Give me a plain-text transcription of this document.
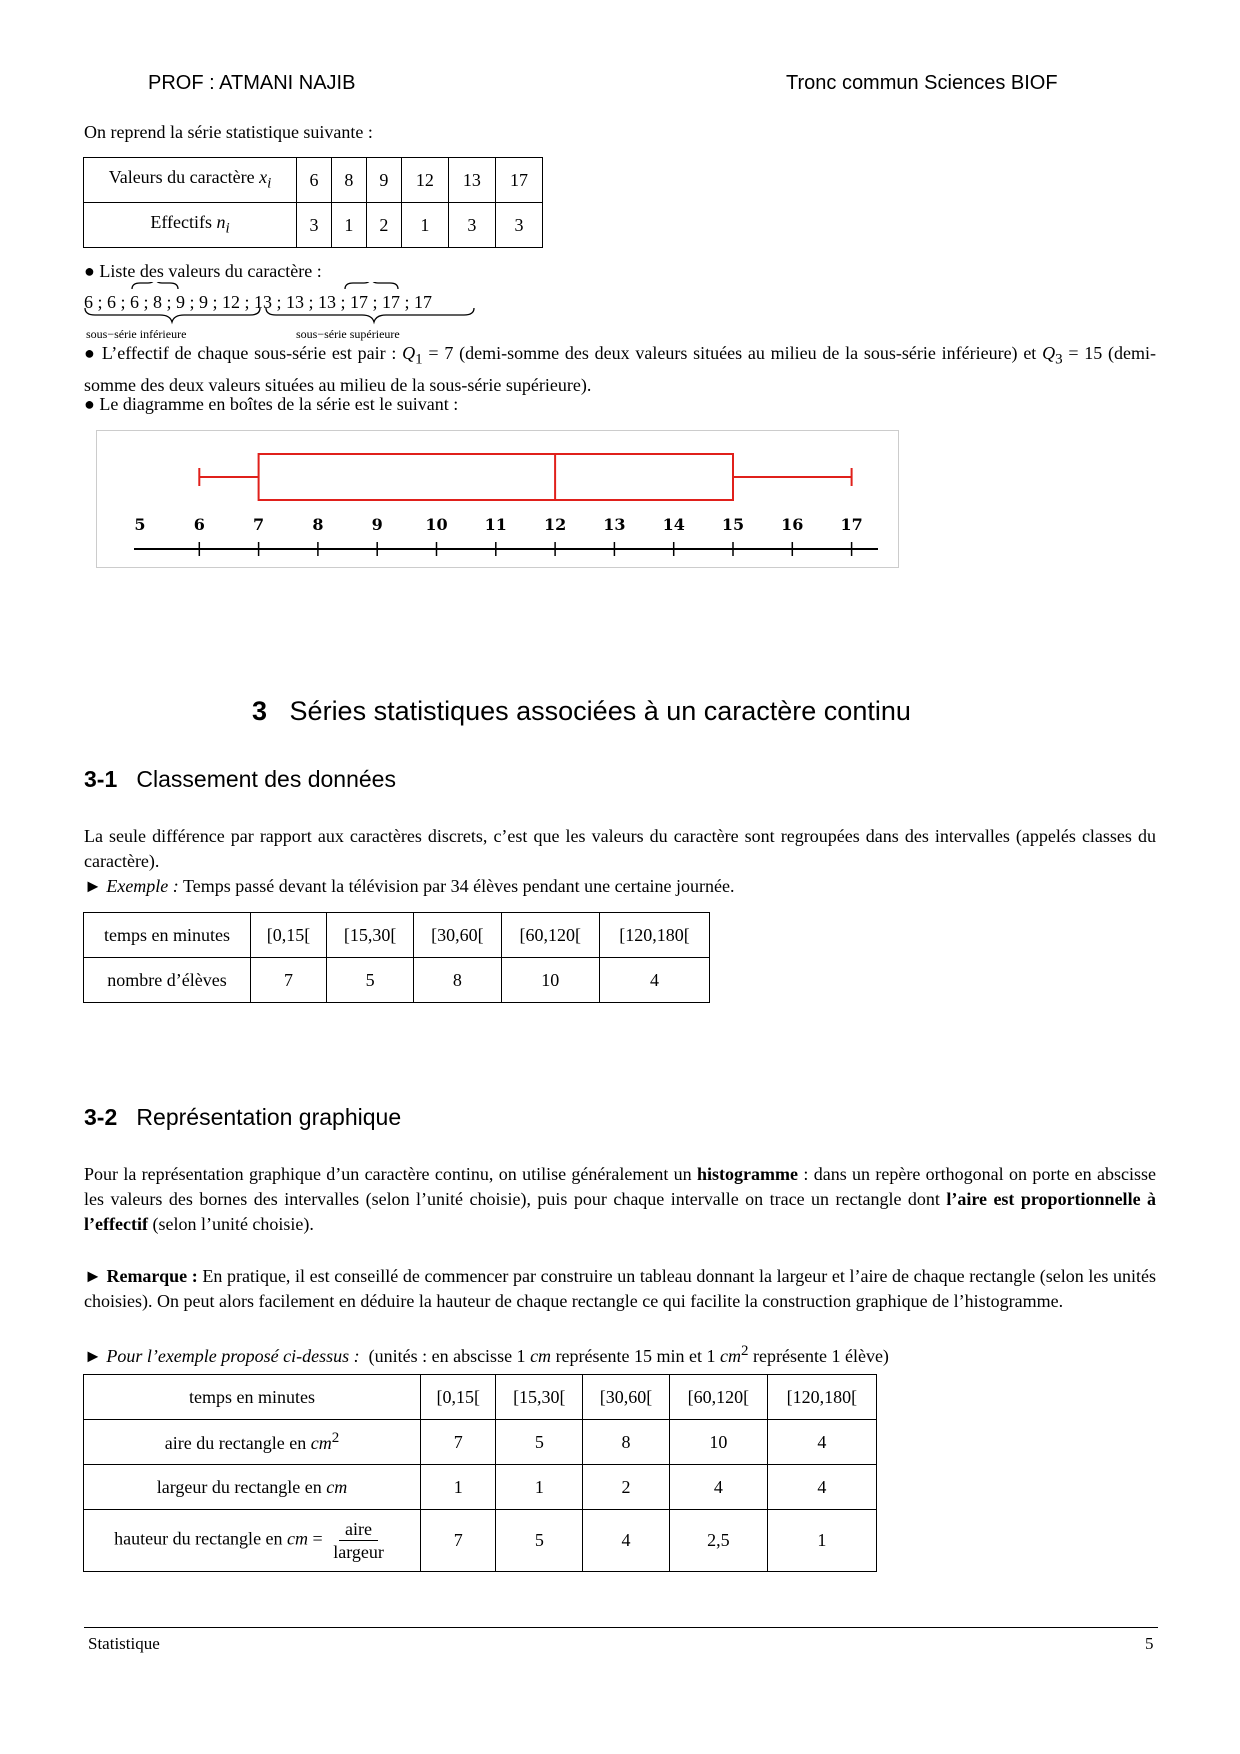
PROF : ATMANI NAJIB	Tronc commun Sciences BIOF
On reprend la série statistique suivante :
Valeurs du caractère $x_i$	6	8	9	12	13	17
Effectifs $n_i$	3	1	2	1	3	3
● Liste des valeurs du caractère :
6 ; 6 ; 6 ; 8 ; 9 ; 9 ; 12 ; 13 ; 13 ; 13 ; 17 ; 17 ; 17
sous−série inférieure	sous−série supérieure
● L’effectif de chaque sous-série est pair : $Q_1 = 7$ (demi-somme des deux valeurs situées au milieu de la sous-série inférieure) et $Q_3 = 15$ (demi-somme des deux valeurs situées au milieu de la sous-série supérieure).
● Le diagramme en boîtes de la série est le suivant :
5	6	7	8	9	10 11 12 13 14 15 16 17
3 Séries statistiques associées à un caractère continu
3-1 Classement des données
La seule différence par rapport aux caractères discrets, c’est que les valeurs du caractère sont regroupées dans des intervalles (appelés classes du caractère).
► Exemple : Temps passé devant la télévision par 34 élèves pendant une certaine journée.
temps en minutes	[0,15[	[15,30[	[30,60[	[60,120[	[120,180[
nombre d’élèves	7	5	8	10	4
3-2 Représentation graphique
Pour la représentation graphique d’un caractère continu, on utilise généralement un histogramme : dans un repère orthogonal on porte en abscisse les valeurs des bornes des intervalles (selon l’unité choisie), puis pour chaque intervalle on trace un rectangle dont l’aire est proportionnelle à l’effectif (selon l’unité choisie).
► Remarque : En pratique, il est conseillé de commencer par construire un tableau donnant la largeur et l’aire de chaque rectangle (selon les unités choisies). On peut alors facilement en déduire la hauteur de chaque rectangle ce qui facilite la construction graphique de l’histogramme.
► Pour l’exemple proposé ci-dessus : (unités : en abscisse 1 cm représente 15 min et 1 $cm^2$ représente 1 élève)
temps en minutes	[0,15[	[15,30[	[30,60[	[60,120[	[120,180[
aire du rectangle en $cm^2$	7	5	8	10	4
largeur du rectangle en cm	1	1	2	4	4
hauteur du rectangle en cm = $\frac{\text{aire}}{\text{largeur}}$	7	5	4	2,5	1
Statistique	5
